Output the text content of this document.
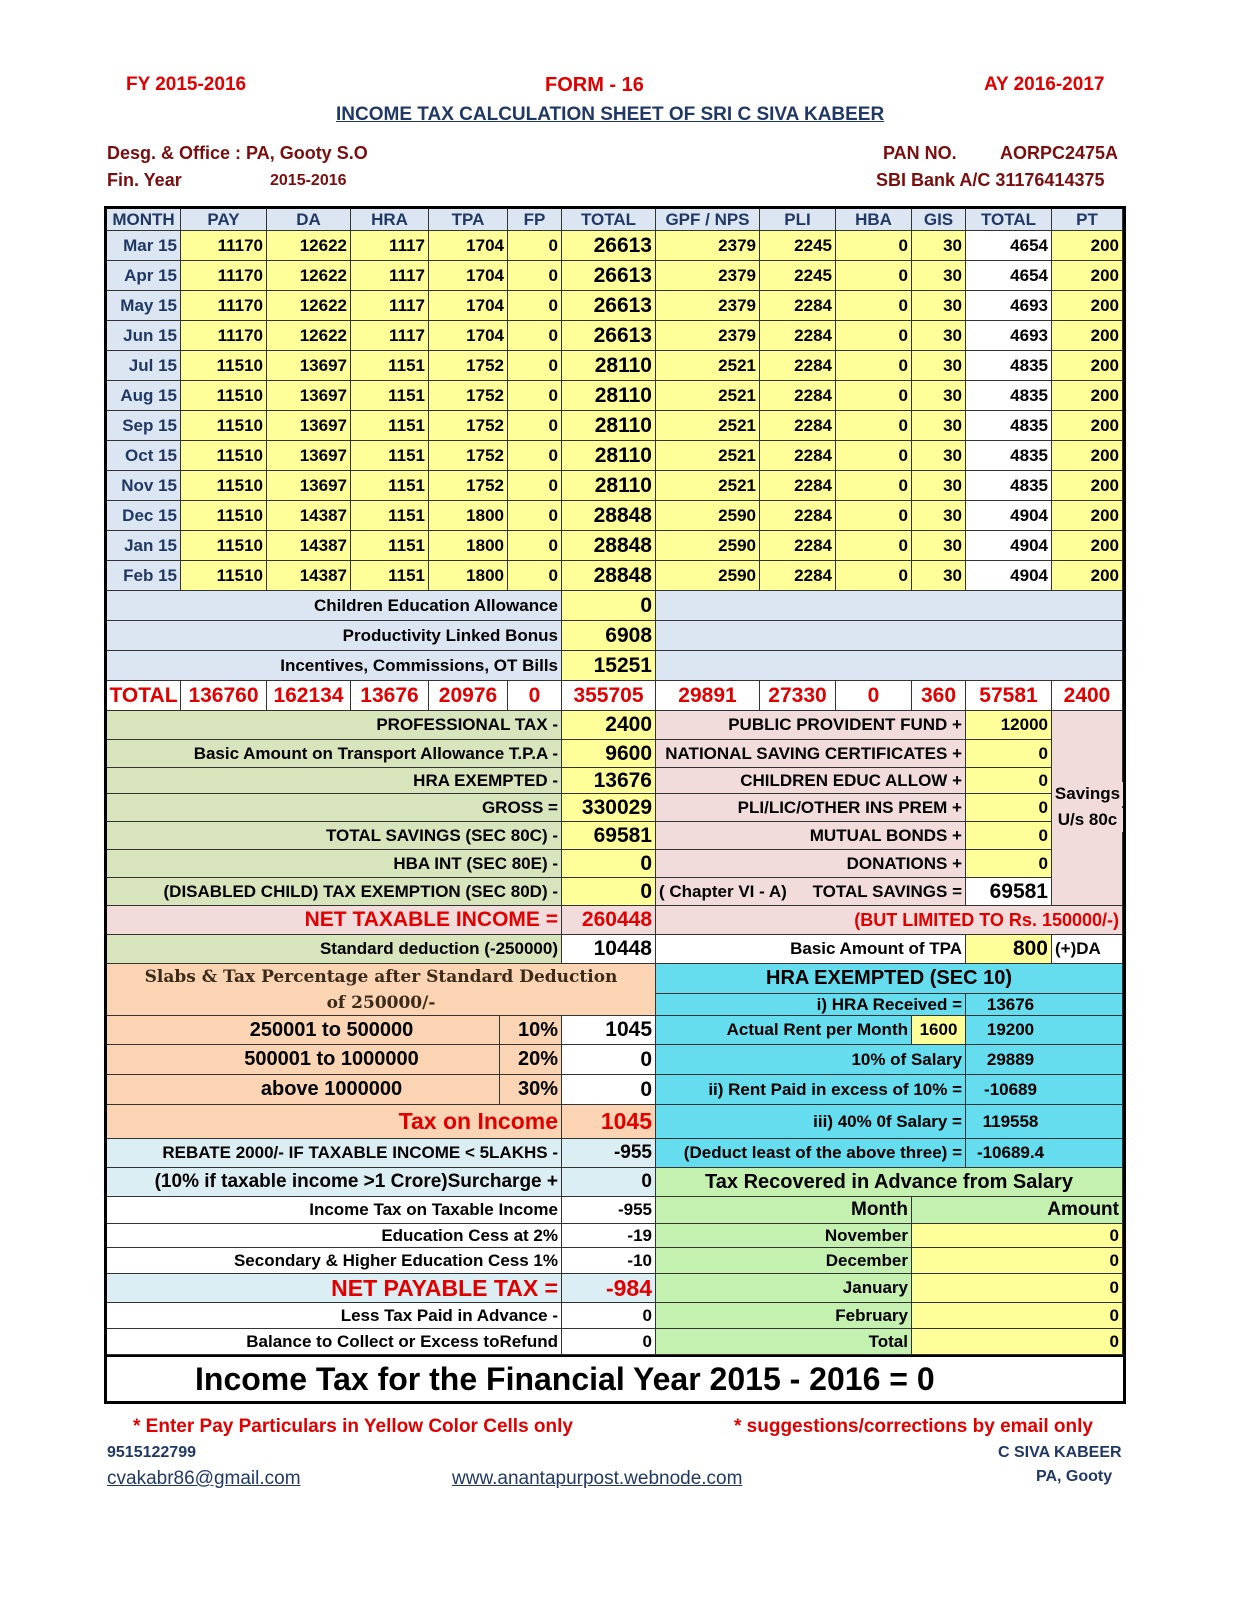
FY 2015-2016	FORM - 16	AY 2016-2017
INCOME TAX CALCULATION SHEET OF SRI C SIVA KABEER
Desg. & Office : PA, Gooty S.O
Fin. Year	2015-2016
PAN NO. AORPC2475A
SBI Bank A/C 31176414375
MONTH	PAY	DA	HRA	TPA	FP	TOTAL	GPF / NPS	PLI	HBA	GIS	TOTAL	PT
Mar 15	11170	12622	1117	1704	0	26613	2379	2245	0	30	4654	200
Apr 15	11170	12622	1117	1704	0	26613	2379	2245	0	30	4654	200
May 15	11170	12622	1117	1704	0	26613	2379	2284	0	30	4693	200
Jun 15	11170	12622	1117	1704	0	26613	2379	2284	0	30	4693	200
Jul 15	11510	13697	1151	1752	0	28110	2521	2284	0	30	4835	200
Aug 15	11510	13697	1151	1752	0	28110	2521	2284	0	30	4835	200
Sep 15	11510	13697	1151	1752	0	28110	2521	2284	0	30	4835	200
Oct 15	11510	13697	1151	1752	0	28110	2521	2284	0	30	4835	200
Nov 15	11510	13697	1151	1752	0	28110	2521	2284	0	30	4835	200
Dec 15	11510	14387	1151	1800	0	28848	2590	2284	0	30	4904	200
Jan 15	11510	14387	1151	1800	0	28848	2590	2284	0	30	4904	200
Feb 15	11510	14387	1151	1800	0	28848	2590	2284	0	30	4904	200
Children Education Allowance	0
Productivity Linked Bonus	6908
Incentives, Commissions, OT Bills	15251
TOTAL 136760 162134 13676 20976	0	355705	29891	27330	0	360	57581	2400
PROFESSIONAL TAX -	2400
Basic Amount on Transport Allowance T.P.A -	9600
HRA EXEMPTED -	13676
GROSS =	330029
TOTAL SAVINGS (SEC 80C) -	69581
HBA INT (SEC 80E) -	0
(DISABLED CHILD) TAX EXEMPTION (SEC 80D) -	0
NET TAXABLE INCOME =	260448
Standard deduction (-250000)	10448
PUBLIC PROVIDENT FUND +	12000
NATIONAL SAVING CERTIFICATES +	0
CHILDREN EDUC ALLOW +	0
PLI/LIC/OTHER INS PREM +	0
MUTUAL BONDS +	0
DONATIONS +	0
Savings
U/s 80c
( Chapter VI - A)	TOTAL SAVINGS =	69581
(BUT LIMITED TO Rs. 150000/-)
Basic Amount of TPA	800 (+)DA
Slabs & Tax Percentage after Standard Deduction of 250000/-
250001 to 500000	10%	1045
500001 to 1000000	20%	0
above 1000000	30%	0
Tax on Income	1045
REBATE 2000/- IF TAXABLE INCOME < 5LAKHS -	-955
(10% if taxable income >1 Crore)Surcharge +	0
Income Tax on Taxable Income	-955
Education Cess at 2%	-19
Secondary & Higher Education Cess 1%	-10
NET PAYABLE TAX =	-984
Less Tax Paid in Advance -	0
Balance to Collect or Excess toRefund	0
HRA EXEMPTED (SEC 10)
i) HRA Received =	13676
Actual Rent per Month 1600	19200
10% of Salary	29889
ii) Rent Paid in excess of 10% =	-10689
iii) 40% 0f Salary =	119558
(Deduct least of the above three) = -10689.4
Tax Recovered in Advance from Salary
Month	Amount
November	0
December	0
January	0
February	0
Total	0
Income Tax for the Financial Year 2015 - 2016 = 0
* Enter Pay Particulars in Yellow Color Cells only	* suggestions/corrections by email only
9515122799
cvakabr86@gmail.com	www.anantapurpost.webnode.com
C SIVA KABEER
PA, Gooty
